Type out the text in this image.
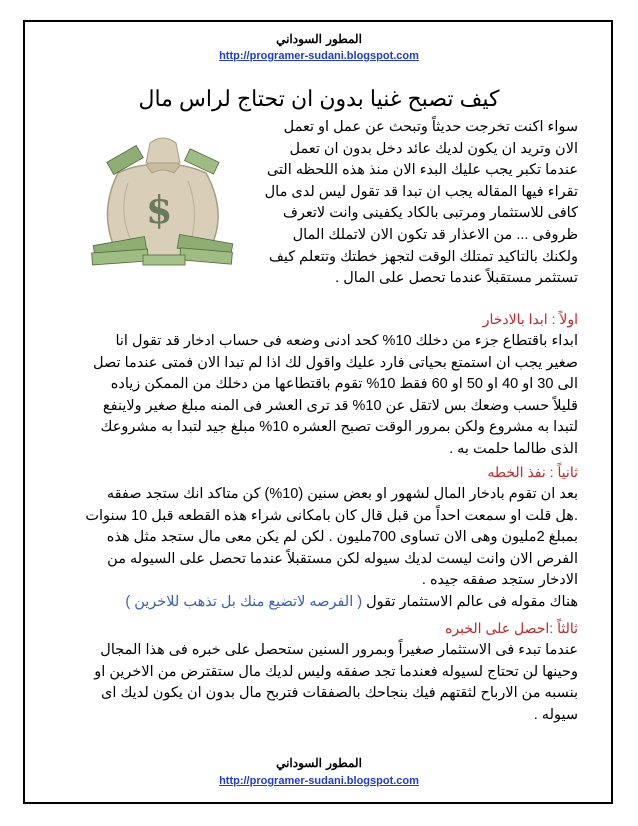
المطور السوداني
http://programer-sudani.blogspot.com
كيف تصبح غنيا بدون ان تحتاج لراس مال
$

سواء اكنت تخرجت حديثاً وتبحث عن عمل او تعمل

الان وتريد ان يكون لديك عائد دخل بدون ان تعمل

عندما تكبر يجب عليك البدء الان منذ هذه اللحظه التى

تقراء فيها المقاله يجب ان تبدا قد تقول ليس لدى مال

كافى للاستثمار ومرتبى بالكاد يكفينى وانت لاتعرف

ظروفى ... من الاعذار قد تكون الان لاتملك المال

ولكنك بالتاكيد تمتلك الوقت لتجهز خطتك وتتعلم كيف

تستثمر مستقبلاً عندما تحصل على المال .

اولاً : ابدا بالادخار

ابداء باقتطاع جزء من دخلك 10% كحد ادنى وضعه فى حساب ادخار قد تقول انا

صغير يجب ان استمتع بحياتى فارد عليك واقول لك اذا لم تبدا الان فمتى عندما تصل

الى 30 او 40 او 50 او 60 فقط 10% تقوم باقتطاعها من دخلك من الممكن زياده

قليلاً حسب وضعك بس لاتقل عن 10% قد ترى العشر فى المنه مبلغ صغير ولاينفع

لتبدا به مشروع ولكن بمرور الوقت تصبح العشره 10% مبلغ جيد لتبدا به مشروعك

الذى طالما حلمت به .

ثانياً : نفذ الخطه

بعد ان تقوم بادخار المال لشهور او بعض سنين (10%) كن متاكد انك ستجد صفقه

.هل قلت او سمعت احداً من قبل قال كان بامكانى شراء هذه القطعه قبل 10 سنوات

بمبلغ 2مليون وهى الان تساوى 700مليون . لكن لم يكن معى مال ستجد مثل هذه

الفرص الان وانت ليست لديك سيوله لكن مستقبلاً عندما تحصل على السيوله من

الادخار ستجد صفقه جيده .

هناك مقوله فى عالم الاستثمار تقول ( الفرصه لاتضيع منك بل تذهب للاخرين )

ثالثاً :احصل على الخبره

عندما تبدء فى الاستثمار صغيراً وبمرور السنين ستحصل على خبره فى هذا المجال

وحينها لن تحتاج لسيوله فعندما تجد صفقه وليس لديك مال ستقترض من الاخرين او

بنسبه من الارباح لثقتهم فيك بنجاحك بالصفقات فتربح مال بدون ان يكون لديك اى

سيوله .

المطور السوداني
http://programer-sudani.blogspot.com
